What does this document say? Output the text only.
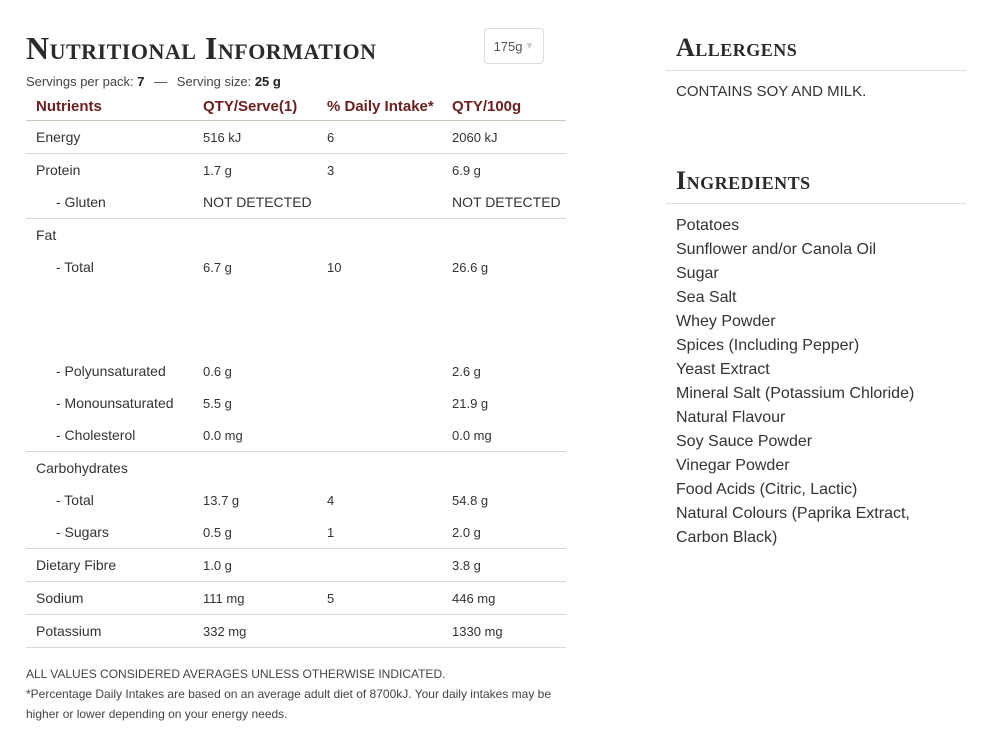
Nutritional Information	175g ▼
Servings per pack: 7 — Serving size: 25 g
Nutrients	QTY/Serve(1)	% Daily Intake*	QTY/100g
Energy	516 kJ	6	2060 kJ
Protein	1.7 g	3	6.9 g
- Gluten	NOT DETECTED		NOT DETECTED
Fat			
- Total	6.7 g	10	26.6 g

- Polyunsaturated	0.6 g		2.6 g
- Monounsaturated	5.5 g		21.9 g
- Cholesterol	0.0 mg		0.0 mg
Carbohydrates			
- Total	13.7 g	4	54.8 g
- Sugars	0.5 g	1	2.0 g
Dietary Fibre	1.0 g		3.8 g
Sodium	111 mg	5	446 mg
Potassium	332 mg		1330 mg
ALL VALUES CONSIDERED AVERAGES UNLESS OTHERWISE INDICATED.
*Percentage Daily Intakes are based on an average adult diet of 8700kJ. Your daily intakes may be higher or lower depending on your energy needs.
Allergens
CONTAINS SOY AND MILK.
Ingredients
Potatoes
Sunflower and/or Canola Oil
Sugar
Sea Salt
Whey Powder
Spices (Including Pepper)
Yeast Extract
Mineral Salt (Potassium Chloride)
Natural Flavour
Soy Sauce Powder
Vinegar Powder
Food Acids (Citric, Lactic)
Natural Colours (Paprika Extract, Carbon Black)
